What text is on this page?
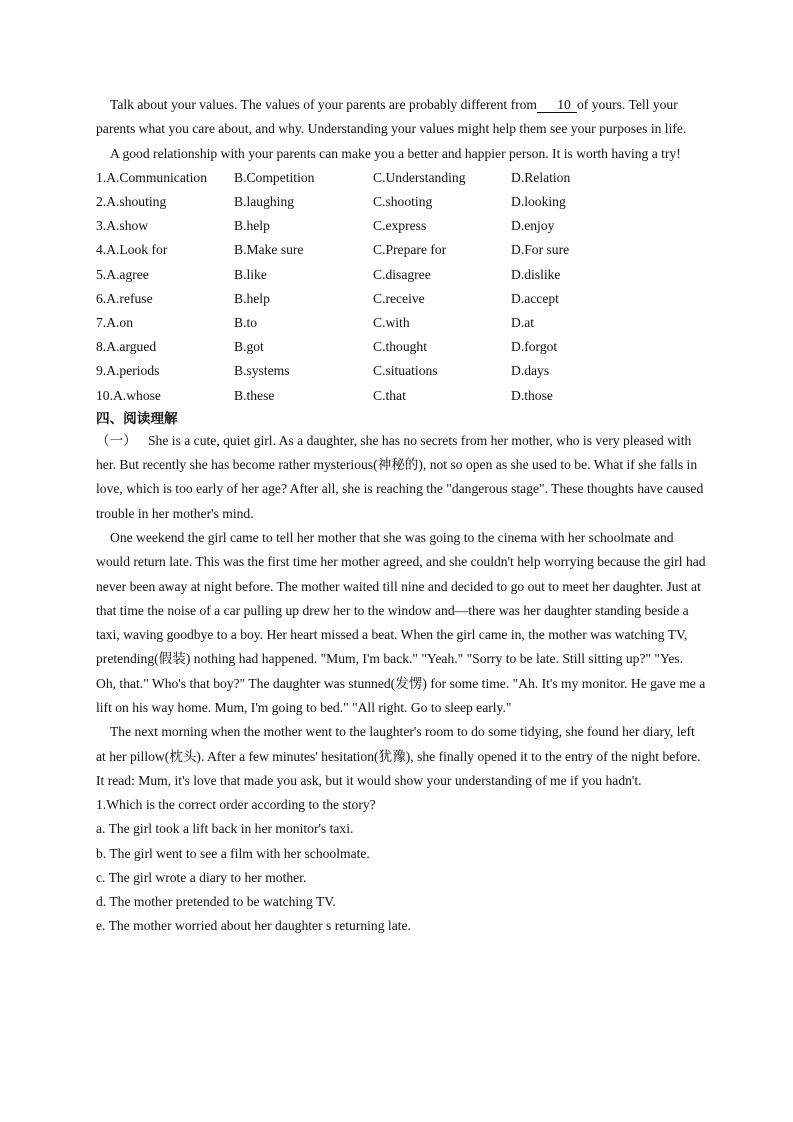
Talk about your values. The values of your parents are probably different from 10 of yours. Tell your parents what you care about, and why. Understanding your values might help them see your purposes in life.

A good relationship with your parents can make you a better and happier person. It is worth having a try!

1.A.Communication	B.Competition	C.Understanding	D.Relation
2.A.shouting	B.laughing	C.shooting	D.looking
3.A.show	B.help	C.express	D.enjoy
4.A.Look for	B.Make sure	C.Prepare for	D.For sure
5.A.agree	B.like	C.disagree	D.dislike
6.A.refuse	B.help	C.receive	D.accept
7.A.on	B.to	C.with	D.at
8.A.argued	B.got	C.thought	D.forgot
9.A.periods	B.systems	C.situations	D.days
10.A.whose	B.these	C.that	D.those

四、阅读理解

（一） She is a cute, quiet girl. As a daughter, she has no secrets from her mother, who is very pleased with her. But recently she has become rather mysterious(神秘的), not so open as she used to be. What if she falls in love, which is too early of her age? After all, she is reaching the "dangerous stage". These thoughts have caused trouble in her mother's mind.

One weekend the girl came to tell her mother that she was going to the cinema with her schoolmate and would return late. This was the first time her mother agreed, and she couldn't help worrying because the girl had never been away at night before. The mother waited till nine and decided to go out to meet her daughter. Just at that time the noise of a car pulling up drew her to the window and—there was her daughter standing beside a taxi, waving goodbye to a boy. Her heart missed a beat. When the girl came in, the mother was watching TV, pretending(假装) nothing had happened. "Mum, I'm back." "Yeah." "Sorry to be late. Still sitting up?" "Yes. Oh, that." Who's that boy?" The daughter was stunned(发愣) for some time. "Ah. It's my monitor. He gave me a lift on his way home. Mum, I'm going to bed." "All right. Go to sleep early."

The next morning when the mother went to the laughter's room to do some tidying, she found her diary, left at her pillow(枕头). After a few minutes' hesitation(犹豫), she finally opened it to the entry of the night before. It read: Mum, it's love that made you ask, but it would show your understanding of me if you hadn't.

1.Which is the correct order according to the story?

a. The girl took a lift back in her monitor's taxi.

b. The girl went to see a film with her schoolmate.

c. The girl wrote a diary to her mother.

d. The mother pretended to be watching TV.

e. The mother worried about her daughter s returning late.
